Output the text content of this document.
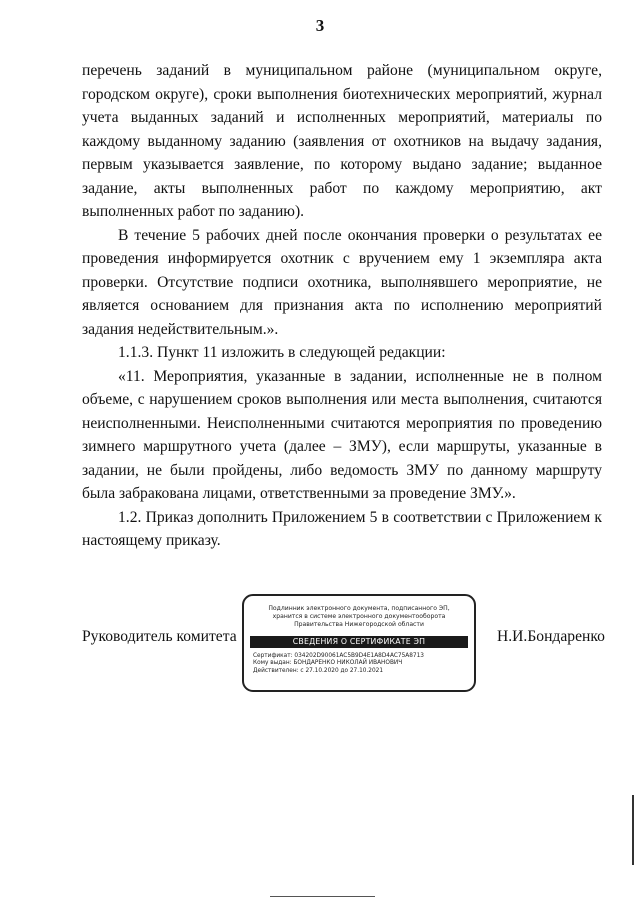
3

перечень заданий в муниципальном районе (муниципальном округе, городском округе), сроки выполнения биотехнических мероприятий, журнал учета выданных заданий и исполненных мероприятий, материалы по каждому выданному заданию (заявления от охотников на выдачу задания, первым указывается заявление, по которому выдано задание; выданное задание, акты выполненных работ по каждому мероприятию, акт выполненных работ по заданию).

В течение 5 рабочих дней после окончания проверки о результатах ее проведения информируется охотник с вручением ему 1 экземпляра акта проверки. Отсутствие подписи охотника, выполнявшего мероприятие, не является основанием для признания акта по исполнению мероприятий задания недействительным.».

1.1.3. Пункт 11 изложить в следующей редакции:

«11. Мероприятия, указанные в задании, исполненные не в полном объеме, с нарушением сроков выполнения или места выполнения, считаются неисполненными. Неисполненными считаются мероприятия по проведению зимнего маршрутного учета (далее – ЗМУ), если маршруты, указанные в задании, не были пройдены, либо ведомость ЗМУ по данному маршруту была забракована лицами, ответственными за проведение ЗМУ.».

1.2. Приказ дополнить Приложением 5 в соответствии с Приложением к настоящему приказу.

Руководитель комитета
Подлинник электронного документа, подписанного ЭП,
хранится в системе электронного документооборота
Правительства Нижегородской области
СВЕДЕНИЯ О СЕРТИФИКАТЕ ЭП
Сертификат: 034202D90061AC5B9D4E1A8D4AC75A8713
Кому выдан: БОНДАРЕНКО НИКОЛАЙ ИВАНОВИЧ
Действителен: с 27.10.2020 до 27.10.2021
Н.И.Бондаренко
